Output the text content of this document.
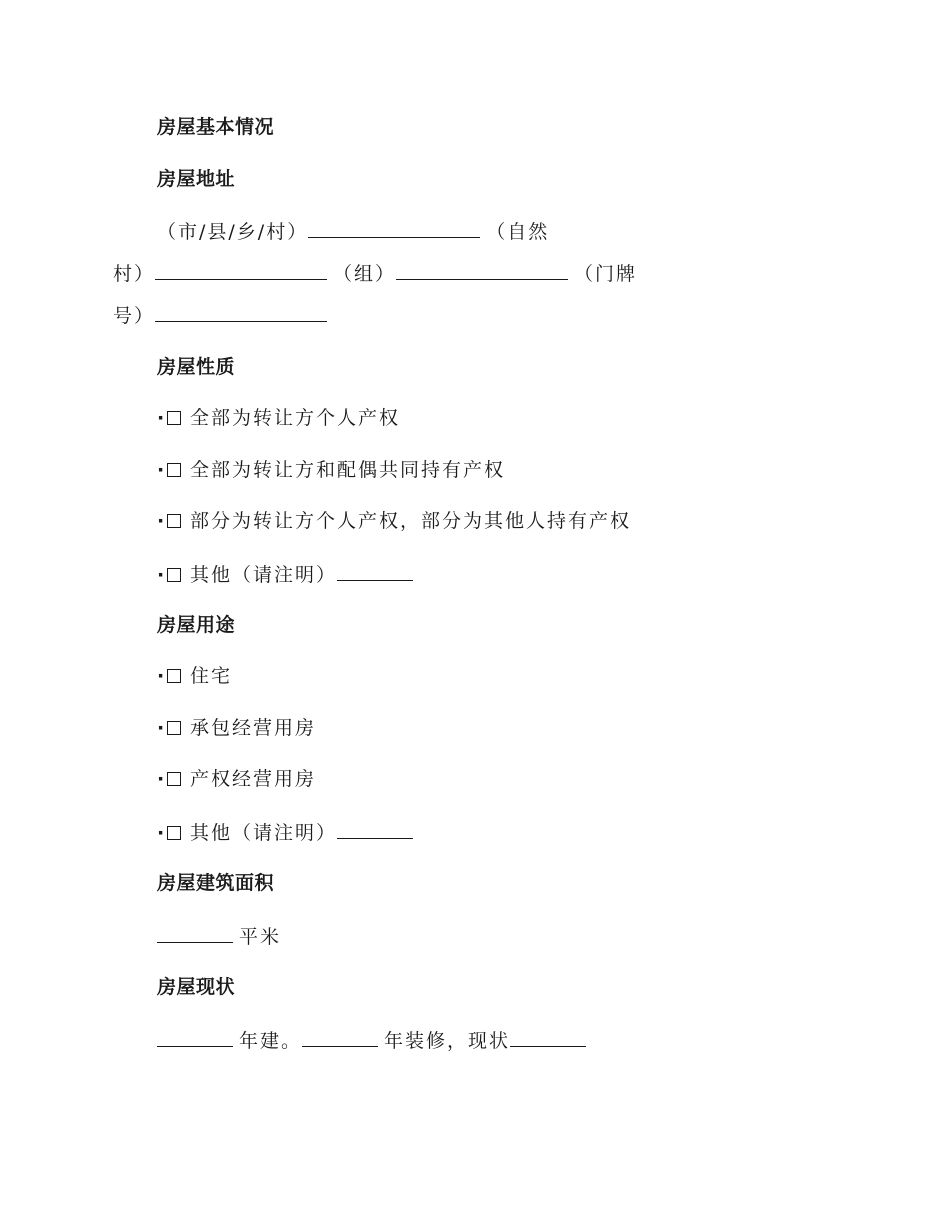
房屋基本情况
房屋地址
（市/县/乡/村）	（自然
村）	（组）	（门牌
号）
房屋性质
· 全部为转让方个人产权
· 全部为转让方和配偶共同持有产权
· 部分为转让方个人产权，部分为其他人持有产权
· 其他（请注明）
房屋用途
· 住宅
· 承包经营用房
· 产权经营用房
· 其他（请注明）
房屋建筑面积
平米
房屋现状
年建。	年装修，现状
